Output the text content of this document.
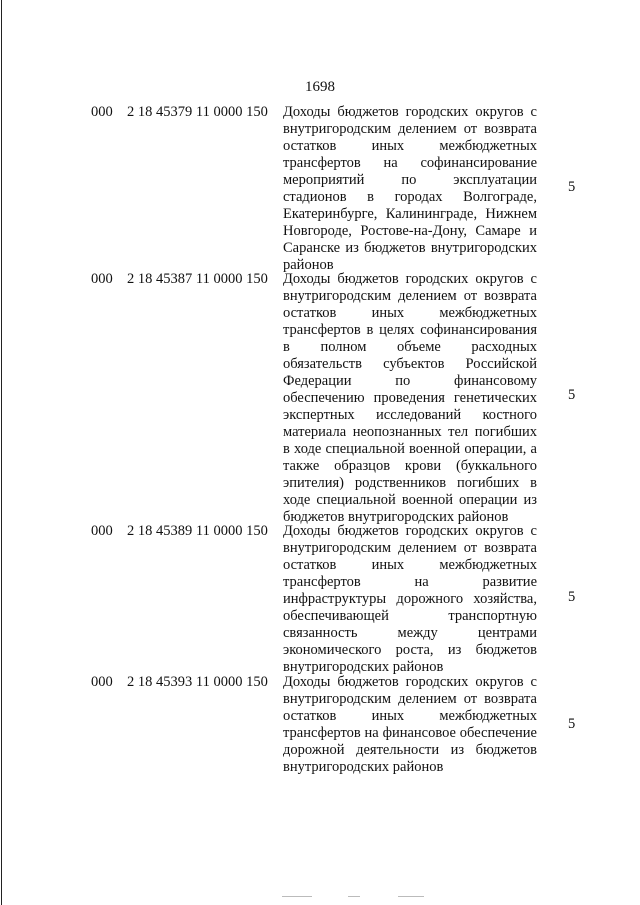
1698
000 2 18 45379 11 0000 150 Доходы бюджетов городских округов с внутригородским делением от возврата остатков иных межбюджетных трансфертов на софинансирование мероприятий по эксплуатации стадионов в городах Волгограде, Екатеринбурге, Калининграде, Нижнем Новгороде, Ростове-на-Дону, Самаре и Саранске из бюджетов внутригородских районов
5
000 2 18 45387 11 0000 150 Доходы бюджетов городских округов с внутригородским делением от возврата остатков иных межбюджетных трансфертов в целях софинансирования в полном объеме расходных обязательств субъектов Российской Федерации по финансовому обеспечению проведения генетических экспертных исследований костного материала неопознанных тел погибших в ходе специальной военной операции, а также образцов крови (буккального эпителия) родственников погибших в ходе специальной военной операции из бюджетов внутригородских районов
5
000 2 18 45389 11 0000 150 Доходы бюджетов городских округов с внутригородским делением от возврата остатков иных межбюджетных трансфертов на развитие инфраструктуры дорожного хозяйства, обеспечивающей транспортную связанность между центрами экономического роста, из бюджетов внутригородских районов
5
000 2 18 45393 11 0000 150 Доходы бюджетов городских округов с внутригородским делением от возврата остатков иных межбюджетных трансфертов на финансовое обеспечение дорожной деятельности из бюджетов внутригородских районов
5
